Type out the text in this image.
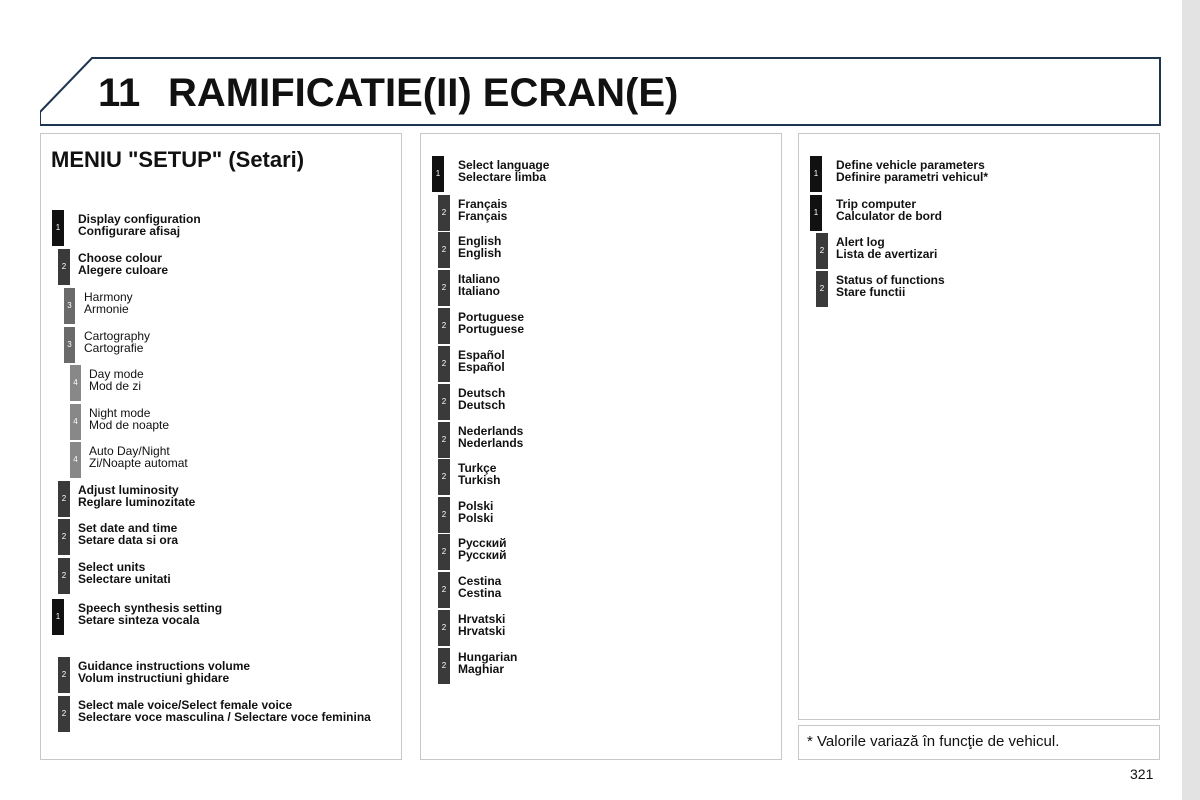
11 RAMIFICATIE(II) ECRAN(E)
MENIU "SETUP" (Setari)
1
Display configuration
Configurare afisaj
2
Choose colour
Alegere culoare
3
Harmony
Armonie
3
Cartography
Cartografie
4
Day mode
Mod de zi
4
Night mode
Mod de noapte
4
Auto Day/Night
Zi/Noapte automat
2
Adjust luminosity
Reglare luminozitate
2
Set date and time
Setare data si ora
2
Select units
Selectare unitati
1
Speech synthesis setting
Setare sinteza vocala
2
Guidance instructions volume
Volum instructiuni ghidare
2
Select male voice/Select female voice
Selectare voce masculina / Selectare voce feminina
1
Select language
Selectare limba
2
Français
Français
2
English
English
2
Italiano
Italiano
2
Portuguese
Portuguese
2
Español
Español
2
Deutsch
Deutsch
2
Nederlands
Nederlands
2
Turkçe
Turkish
2
Polski
Polski
2
Русский
Русский
2
Cestina
Cestina
2
Hrvatski
Hrvatski
2
Hungarian
Maghiar
1
Define vehicle parameters
Definire parametri vehicul*
1
Trip computer
Calculator de bord
2
Alert log
Lista de avertizari
2
Status of functions
Stare functii
* Valorile variază în funcţie de vehicul.
321
